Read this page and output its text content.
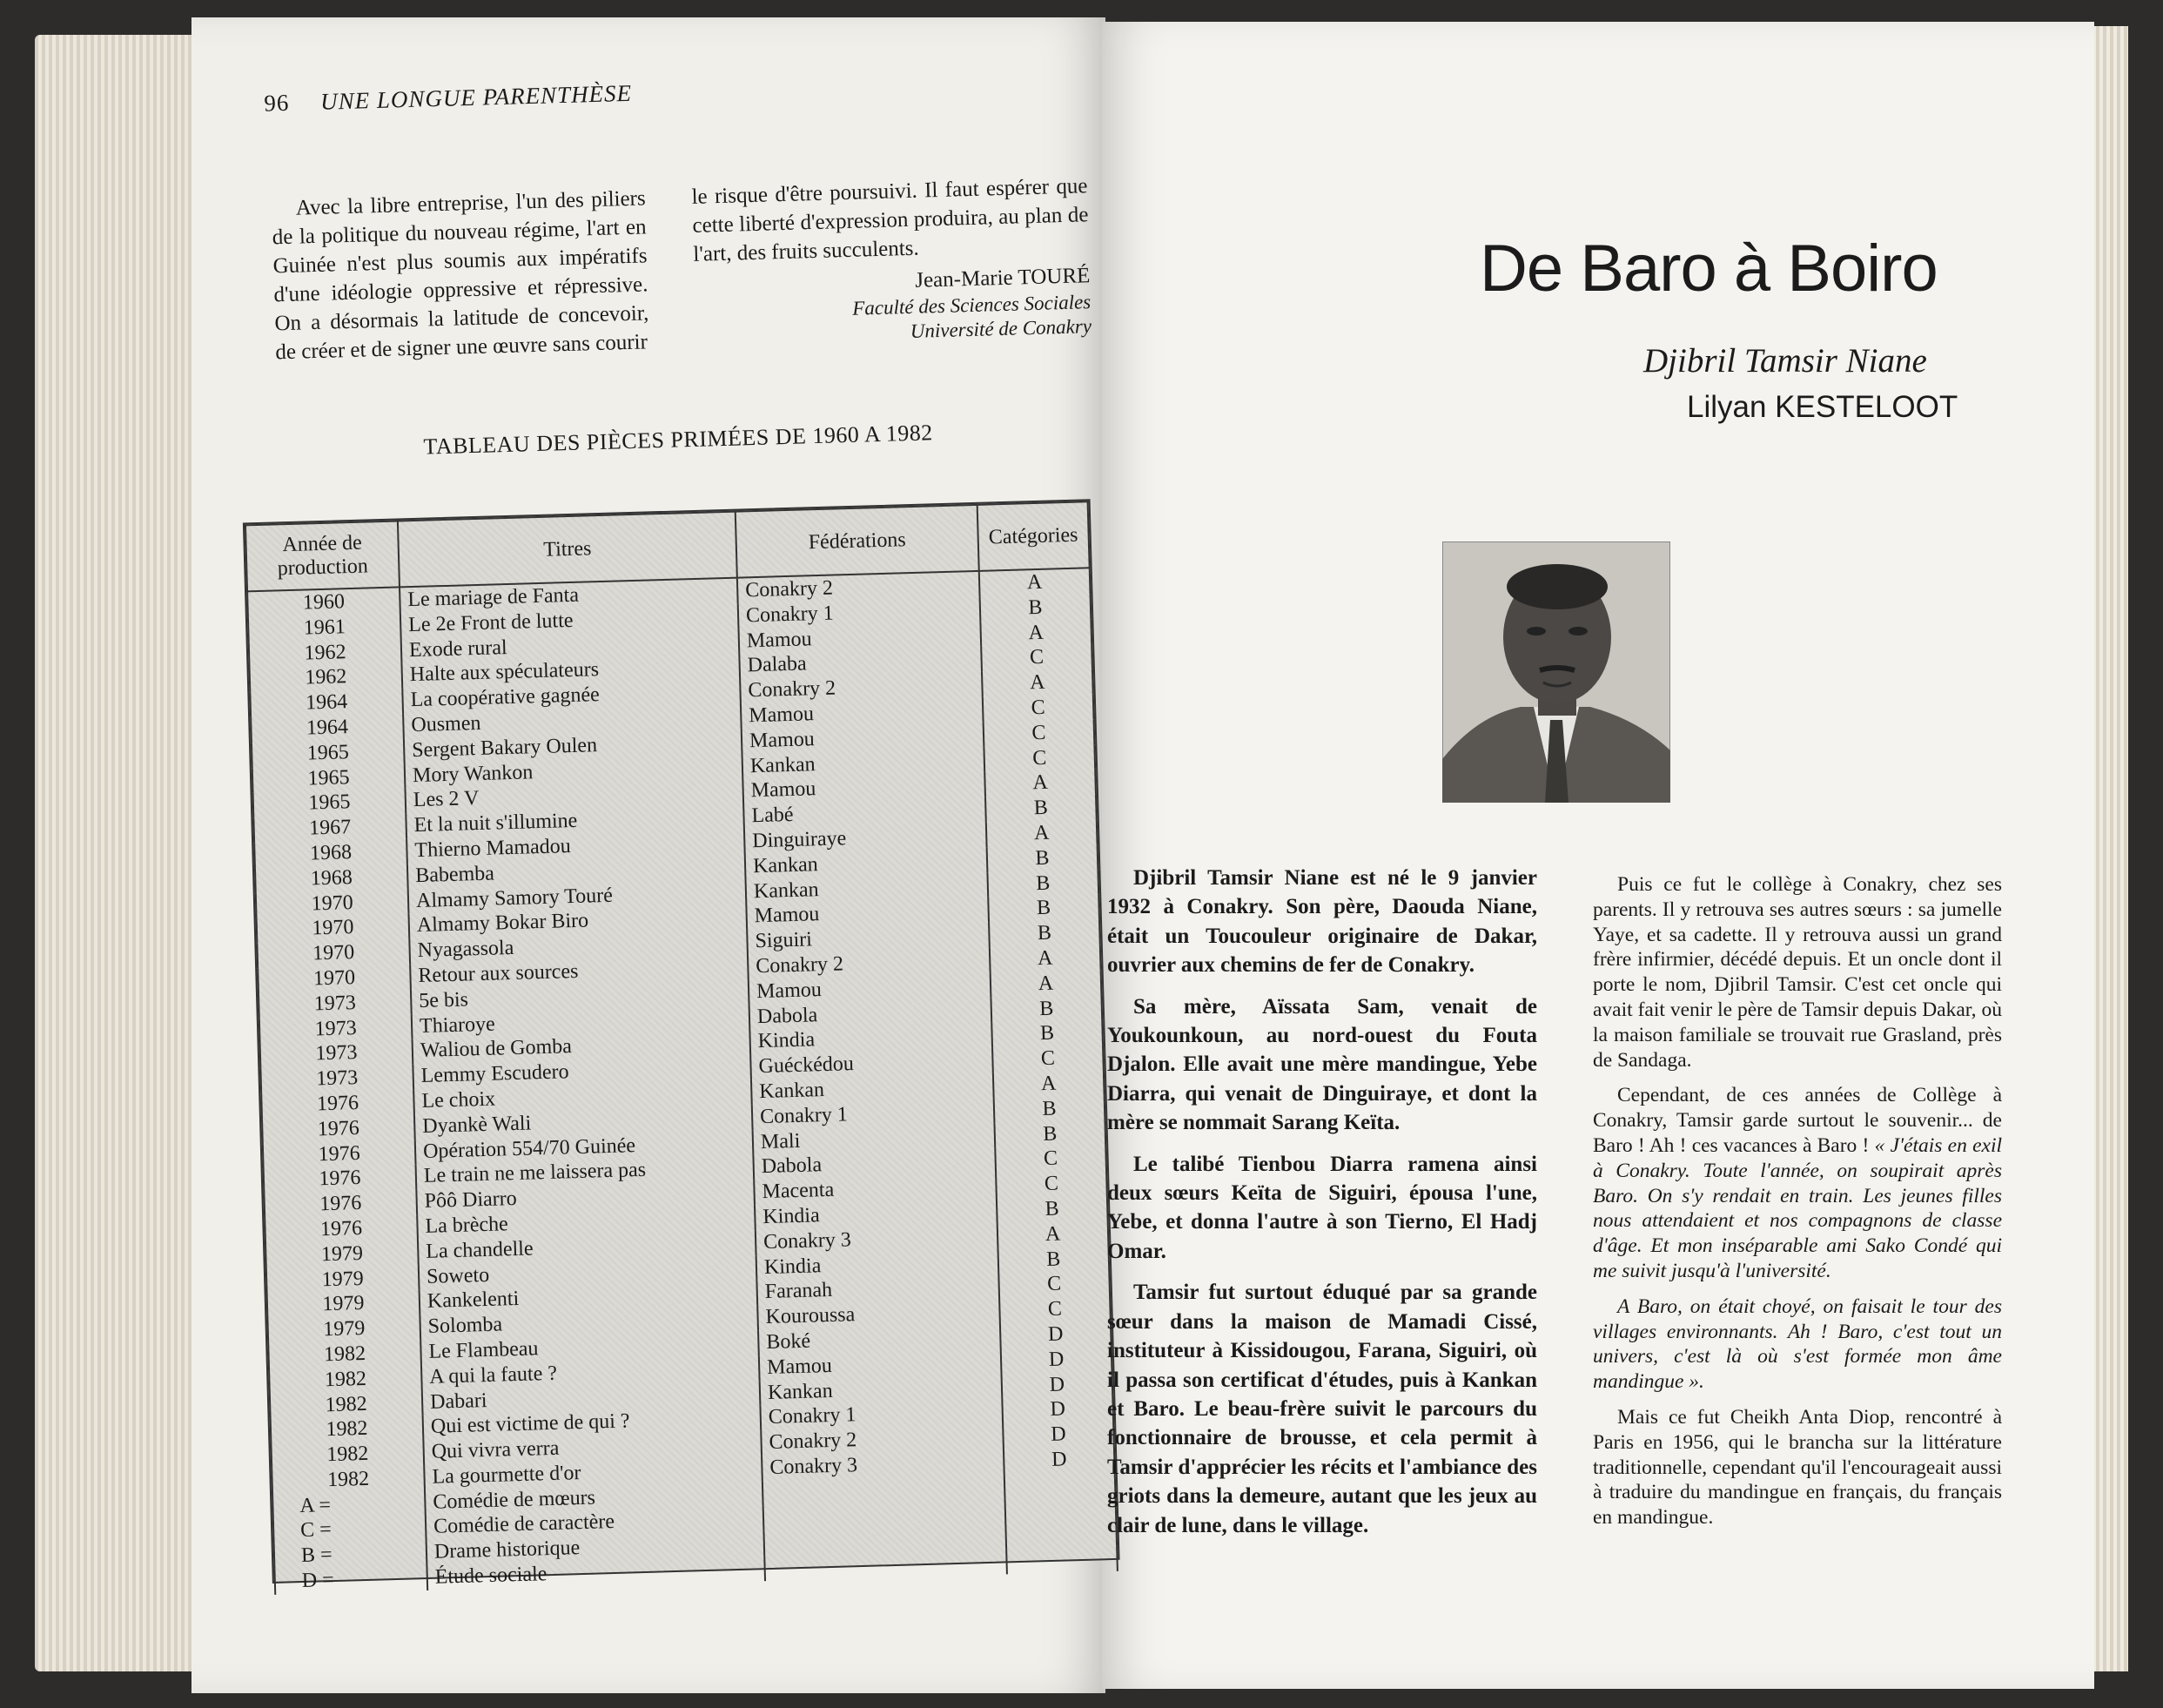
96 UNE LONGUE PARENTHÈSE
Avec la libre entreprise, l'un des piliers de la politique du nouveau régime, l'art en Guinée n'est plus soumis aux impératifs d'une idéologie oppressive et répressive. On a désormais la latitude de concevoir, de créer et de signer une œuvre sans courir
le risque d'être poursuivi. Il faut espérer que cette liberté d'expression produira, au plan de l'art, des fruits succulents.
Jean-Marie TOURÉ
Faculté des Sciences Sociales
Université de Conakry
TABLEAU DES PIÈCES PRIMÉES DE 1960 A 1982
Année de production	Titres	Fédérations	Catégories
1960	Le mariage de Fanta	Conakry 2	A
1961	Le 2e Front de lutte	Conakry 1	B
1962	Exode rural	Mamou	A
1962	Halte aux spéculateurs	Dalaba	C
1964	La coopérative gagnée	Conakry 2	A
1964	Ousmen	Mamou	C
1965	Sergent Bakary Oulen	Mamou	C
1965	Mory Wankon	Kankan	C
1965	Les 2 V	Mamou	A
1967	Et la nuit s'illumine	Labé	B
1968	Thierno Mamadou	Dinguiraye	A
1968	Babemba	Kankan	B
1970	Almamy Samory Touré	Kankan	B
1970	Almamy Bokar Biro	Mamou	B
1970	Nyagassola	Siguiri	B
1970	Retour aux sources	Conakry 2	A
1973	5e bis	Mamou	A
1973	Thiaroye	Dabola	B
1973	Waliou de Gomba	Kindia	B
1973	Lemmy Escudero	Guéckédou	C
1976	Le choix	Kankan	A
1976	Dyankè Wali	Conakry 1	B
1976	Opération 554/70 Guinée	Mali	B
1976	Le train ne me laissera pas	Dabola	C
1976	Pôô Diarro	Macenta	C
1976	La brèche	Kindia	B
1979	La chandelle	Conakry 3	A
1979	Soweto	Kindia	B
1979	Kankelenti	Faranah	C
1979	Solomba	Kouroussa	C
1982	Le Flambeau	Boké	D
1982	A qui la faute ?	Mamou	D
1982	Dabari	Kankan	D
1982	Qui est victime de qui ?	Conakry 1	D
1982	Qui vivra verra	Conakry 2	D
1982	La gourmette d'or	Conakry 3	D
A =	Comédie de mœurs		
C =	Comédie de caractère		
B =	Drame historique		
D =	Étude sociale		
De Baro à Boiro
Djibril Tamsir Niane
Lilyan KESTELOOT

Djibril Tamsir Niane est né le 9 janvier 1932 à Conakry. Son père, Daouda Niane, était un Toucouleur originaire de Dakar, ouvrier aux chemins de fer de Conakry.

Sa mère, Aïssata Sam, venait de Youkounkoun, au nord-ouest du Fouta Djalon. Elle avait une mère mandingue, Yebe Diarra, qui venait de Dinguiraye, et dont la mère se nommait Sarang Keïta.

Le talibé Tienbou Diarra ramena ainsi deux sœurs Keïta de Siguiri, épousa l'une, Yebe, et donna l'autre à son Tierno, El Hadj Omar.

Tamsir fut surtout éduqué par sa grande sœur dans la maison de Mamadi Cissé, instituteur à Kissidougou, Farana, Siguiri, où il passa son certificat d'études, puis à Kankan et Baro. Le beau-frère suivit le parcours du fonctionnaire de brousse, et cela permit à Tamsir d'apprécier les récits et l'ambiance des griots dans la demeure, autant que les jeux au clair de lune, dans le village.

Puis ce fut le collège à Conakry, chez ses parents. Il y retrouva ses autres sœurs : sa jumelle Yaye, et sa cadette. Il y retrouva aussi un grand frère infirmier, décédé depuis. Et un oncle dont il porte le nom, Djibril Tamsir. C'est cet oncle qui avait fait venir le père de Tamsir depuis Dakar, où la maison familiale se trouvait rue Grasland, près de Sandaga.

Cependant, de ces années de Collège à Conakry, Tamsir garde surtout le souvenir... de Baro ! Ah ! ces vacances à Baro ! « J'étais en exil à Conakry. Toute l'année, on soupirait après Baro. On s'y rendait en train. Les jeunes filles nous attendaient et nos compagnons de classe d'âge. Et mon inséparable ami Sako Condé qui me suivit jusqu'à l'université.

A Baro, on était choyé, on faisait le tour des villages environnants. Ah ! Baro, c'est tout un univers, c'est là où s'est formée mon âme mandingue ».

Mais ce fut Cheikh Anta Diop, rencontré à Paris en 1956, qui le brancha sur la littérature traditionnelle, cependant qu'il l'encourageait aussi à traduire du mandingue en français, du français en mandingue.
